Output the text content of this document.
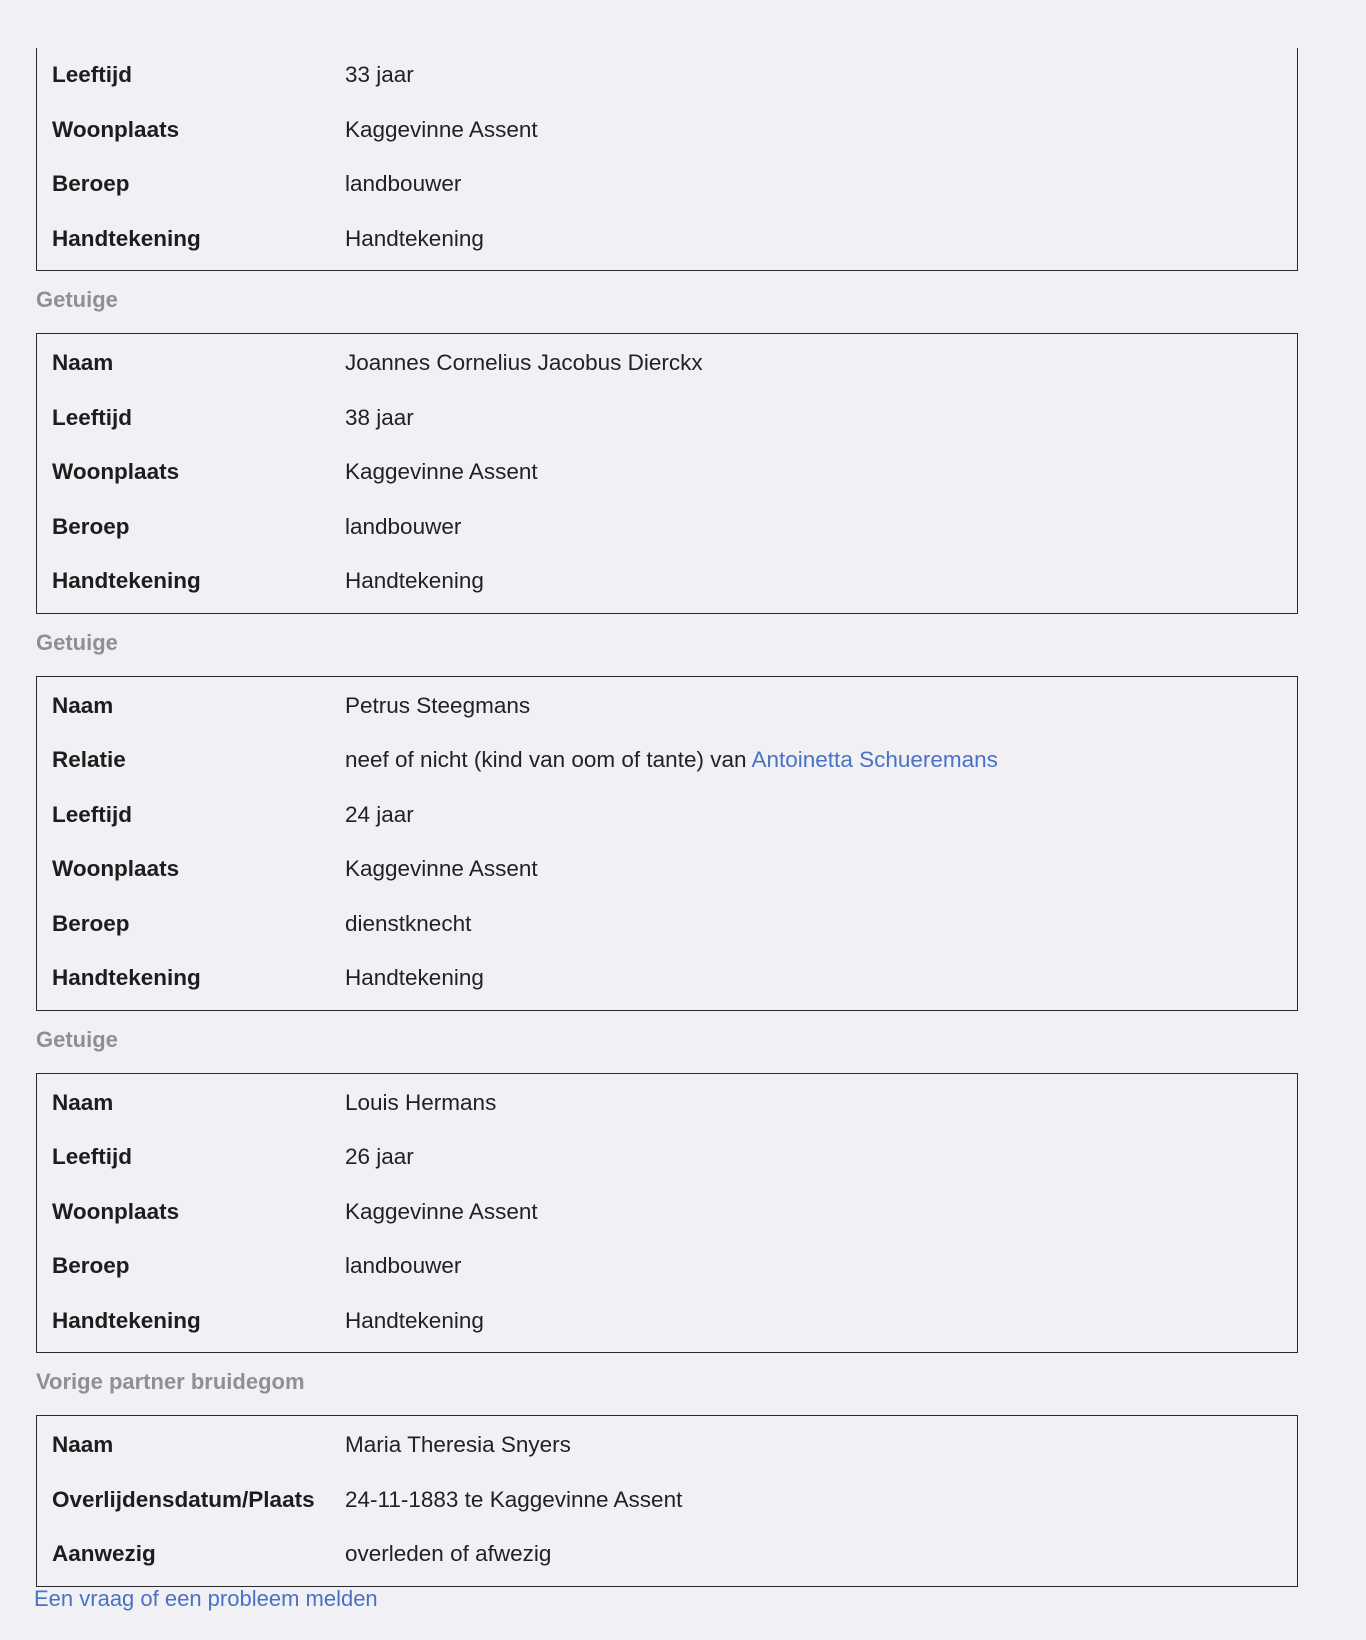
Leeftijd	33 jaar
Woonplaats	Kaggevinne Assent
Beroep	landbouwer
Handtekening	Handtekening
Getuige
Naam	Joannes Cornelius Jacobus Dierckx
Leeftijd	38 jaar
Woonplaats	Kaggevinne Assent
Beroep	landbouwer
Handtekening	Handtekening
Getuige
Naam	Petrus Steegmans
Relatie	neef of nicht (kind van oom of tante) van Antoinetta Schueremans
Leeftijd	24 jaar
Woonplaats	Kaggevinne Assent
Beroep	dienstknecht
Handtekening	Handtekening
Getuige
Naam	Louis Hermans
Leeftijd	26 jaar
Woonplaats	Kaggevinne Assent
Beroep	landbouwer
Handtekening	Handtekening
Vorige partner bruidegom
Naam	Maria Theresia Snyers
Overlijdensdatum/Plaats	24-11-1883 te Kaggevinne Assent
Aanwezig	overleden of afwezig
Een vraag of een probleem melden
